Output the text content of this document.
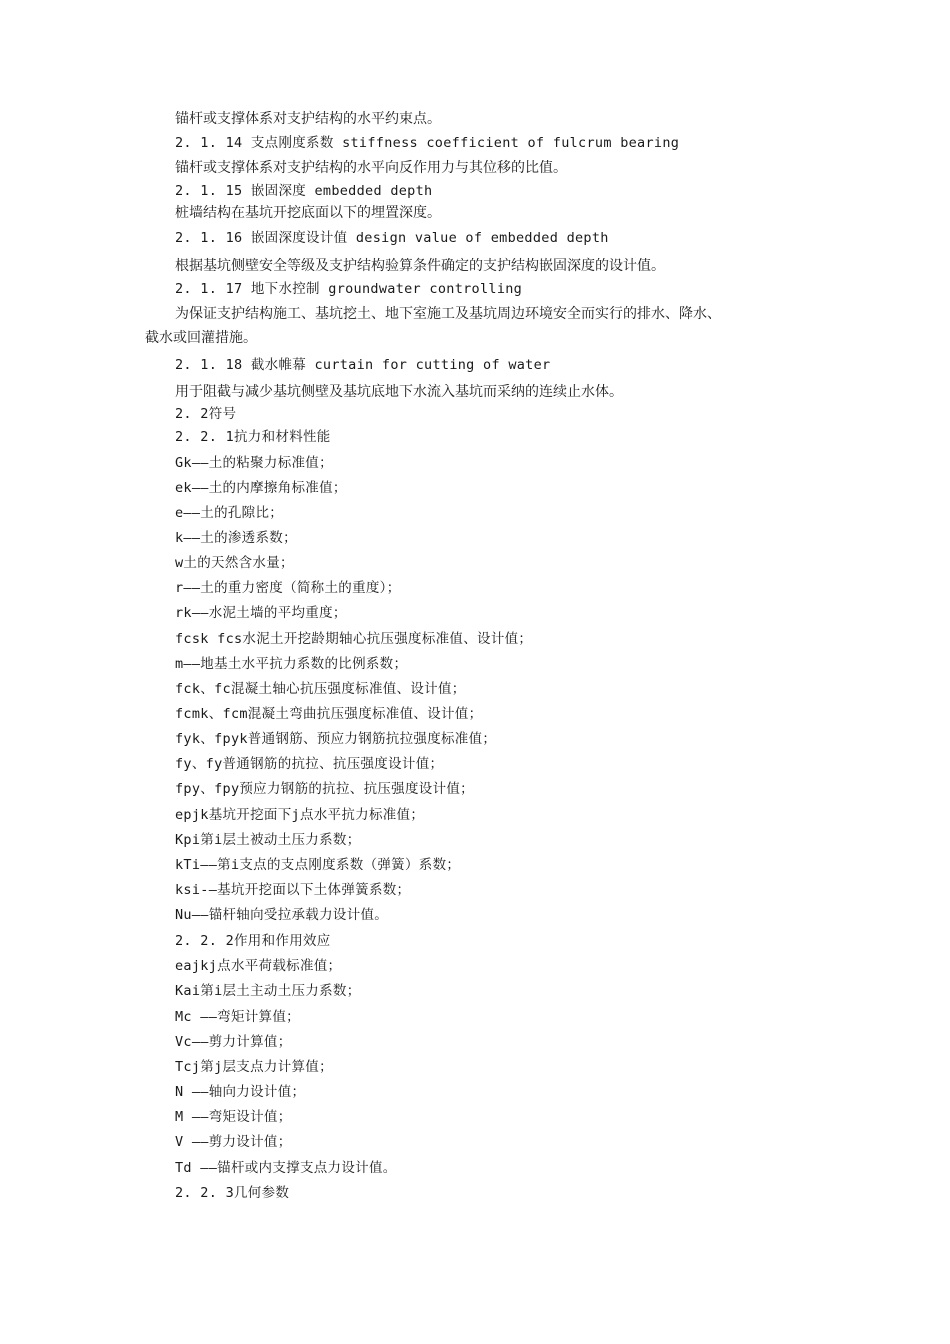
锚杆或支撑体系对支护结构的水平约束点。
2. 1. 14 支点刚度系数 stiffness coefficient of fulcrum bearing
锚杆或支撑体系对支护结构的水平向反作用力与其位移的比值。
2. 1. 15 嵌固深度 embedded depth
桩墙结构在基坑开挖底面以下的埋置深度。
2. 1. 16 嵌固深度设计值 design value of embedded depth
根据基坑侧壁安全等级及支护结构验算条件确定的支护结构嵌固深度的设计值。
2. 1. 17 地下水控制 groundwater controlling
为保证支护结构施工、基坑挖土、地下室施工及基坑周边环境安全而实行的排水、降水、
截水或回灌措施。
2. 1. 18 截水帷幕 curtain for cutting of water
用于阻截与减少基坑侧壁及基坑底地下水流入基坑而采纳的连续止水体。
2. 2符号
2. 2. 1抗力和材料性能
Gk——土的粘聚力标准值；
ek——土的内摩擦角标准值；
e——土的孔隙比；
k——土的渗透系数；
w土的天然含水量；
r——土的重力密度（简称土的重度）；
rk——水泥土墙的平均重度；
fcsk fcs水泥土开挖龄期轴心抗压强度标准值、设计值；
m——地基土水平抗力系数的比例系数；
fck、fc混凝土轴心抗压强度标准值、设计值；
fcmk、fcm混凝土弯曲抗压强度标准值、设计值；
fyk、fpyk普通钢筋、预应力钢筋抗拉强度标准值；
fy、fy普通钢筋的抗拉、抗压强度设计值；
fpy、fpy预应力钢筋的抗拉、抗压强度设计值；
epjk基坑开挖面下j点水平抗力标准值；
Kpi第i层土被动土压力系数；
kTi——第i支点的支点刚度系数（弹簧）系数；
ksi-—基坑开挖面以下土体弹簧系数；
Nu——锚杆轴向受拉承载力设计值。
2. 2. 2作用和作用效应
eajkj点水平荷载标准值；
Kai第i层土主动土压力系数；
Mc ——弯矩计算值；
Vc——剪力计算值；
Tcj第j层支点力计算值；
N ——轴向力设计值；
M ——弯矩设计值；
V ——剪力设计值；
Td ——锚杆或内支撑支点力设计值。
2. 2. 3几何参数
